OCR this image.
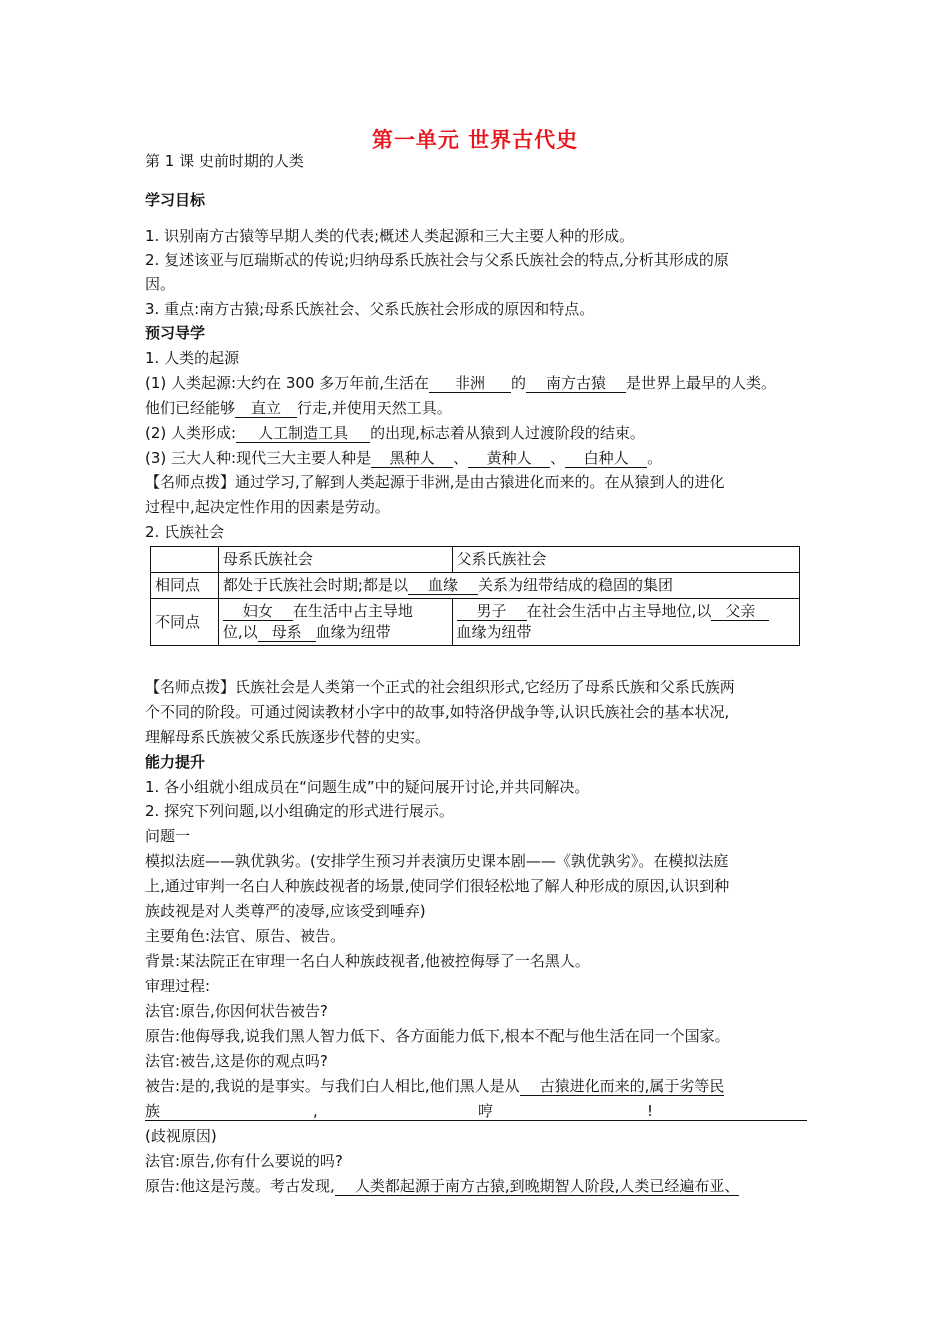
第一单元 世界古代史
第 1 课 史前时期的人类
学习目标
1. 识别南方古猿等早期人类的代表;概述人类起源和三大主要人种的形成。
2. 复述该亚与厄瑞斯忒的传说;归纳母系氏族社会与父系氏族社会的特点,分析其形成的原
因。
3. 重点:南方古猿;母系氏族社会、父系氏族社会形成的原因和特点。
预习导学
1. 人类的起源
(1) 人类起源:大约在 300 多万年前,生活在 非洲 的 南方古猿 是世界上最早的人类。
他们已经能够 直立 行走,并使用天然工具。
(2) 人类形成: 人工制造工具 的出现,标志着从猿到人过渡阶段的结束。
(3) 三大人种:现代三大主要人种是 黑种人 、 黄种人 、 白种人 。
【名师点拨】通过学习,了解到人类起源于非洲,是由古猿进化而来的。在从猿到人的进化
过程中,起决定性作用的因素是劳动。
2. 氏族社会
	母系氏族社会	父系氏族社会
相同点	都处于氏族社会时期;都是以 血缘 关系为纽带结成的稳固的集团	
不同点	妇女 在生活中占主导地
位,以 母系 血缘为纽带	男子 在社会生活中占主导地位,以 父亲
血缘为纽带
【名师点拨】氏族社会是人类第一个正式的社会组织形式,它经历了母系氏族和父系氏族两
个不同的阶段。可通过阅读教材小字中的故事,如特洛伊战争等,认识氏族社会的基本状况,
理解母系氏族被父系氏族逐步代替的史实。
能力提升
1. 各小组就小组成员在“问题生成”中的疑问展开讨论,并共同解决。
2. 探究下列问题,以小组确定的形式进行展示。
问题一
模拟法庭——孰优孰劣。(安排学生预习并表演历史课本剧——《孰优孰劣》。在模拟法庭
上,通过审判一名白人种族歧视者的场景,使同学们很轻松地了解人种形成的原因,认识到种
族歧视是对人类尊严的凌辱,应该受到唾弃)
主要角色:法官、原告、被告。
背景:某法院正在审理一名白人种族歧视者,他被控侮辱了一名黑人。
审理过程:
法官:原告,你因何状告被告?
原告:他侮辱我,说我们黑人智力低下、各方面能力低下,根本不配与他生活在同一个国家。
法官:被告,这是你的观点吗?
被告:是的,我说的是事实。与我们白人相比,他们黑人是从 古猿进化而来的,属于劣等民
族	,	哼	!
(歧视原因)
法官:原告,你有什么要说的吗?
原告:他这是污蔑。考古发现, 人类都起源于南方古猿,到晚期智人阶段,人类已经遍布亚、
